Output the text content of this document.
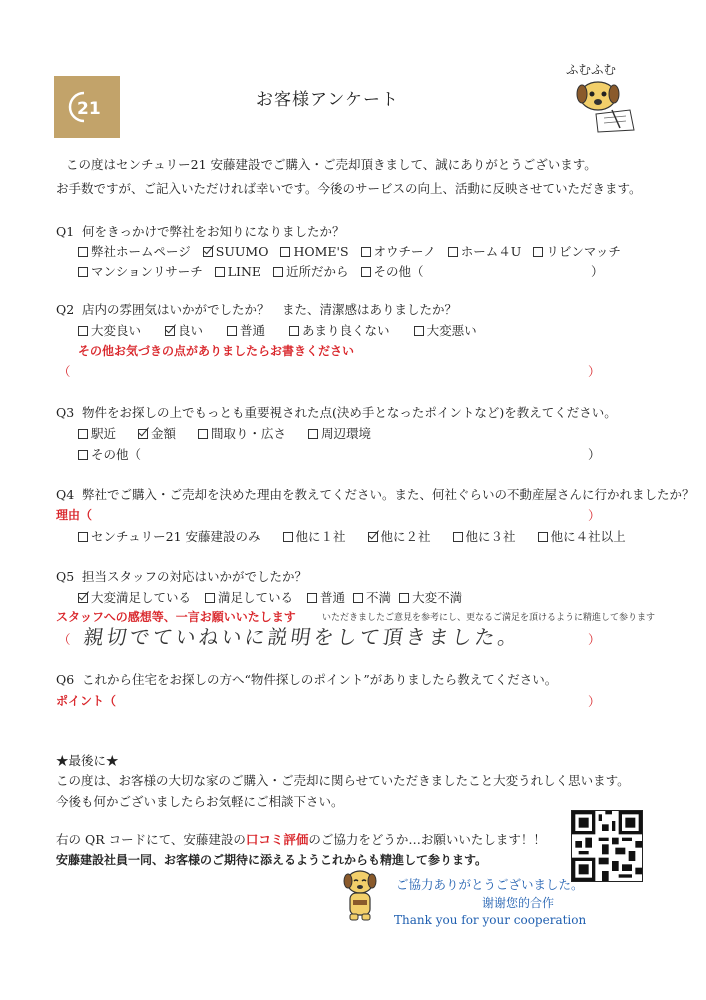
21	お客様アンケート
ふむふむ
この度はセンチュリー21 安藤建設でご購入・ご売却頂きまして、誠にありがとうございます。
お手数ですが、ご記入いただければ幸いです。今後のサービスの向上、活動に反映させていただきます。
Q1 何をきっかけで弊社をお知りになりましたか？
弊社ホームページ SUUMO HOME'S オウチーノ ホーム４U リビンマッチ
マンションリサーチ LINE 近所だから その他（	）
Q2 店内の雰囲気はいかがでしたか？　また、清潔感はありましたか？
大変良い	良い	普通	あまり良くない	大変悪い
その他お気づきの点がありましたらお書きください
（	）
Q3 物件をお探しの上でもっとも重要視された点(決め手となったポイントなど)を教えてください。
駅近	金額	間取り・広さ	周辺環境
その他（	）
Q4 弊社でご購入・ご売却を決めた理由を教えてください。また、何社ぐらいの不動産屋さんに行かれましたか？
理由（	）
センチュリー21 安藤建設のみ	他に１社	他に２社	他に３社	他に４社以上
Q5 担当スタッフの対応はいかがでしたか？
大変満足している 満足している 普通 不満 大変不満
スタッフへの感想等、一言お願いいたします	いただきましたご意見を参考にし、更なるご満足を頂けるように精進して参ります
（ 親切でていねいに説明をして頂きました。	）
Q6 これから住宅をお探しの方へ“物件探しのポイント”がありましたら教えてください。
ポイント（	）
★最後に★
この度は、お客様の大切な家のご購入・ご売却に関らせていただきましたこと大変うれしく思います。
今後も何かございましたらお気軽にご相談下さい。
右の QR コードにて、安藤建設の口コミ評価のご協力をどうか…お願いいたします！！
安藤建設社員一同、お客様のご期待に添えるようこれからも精進して参ります。
ご協力ありがとうございました。
谢谢您的合作
Thank you for your cooperation
